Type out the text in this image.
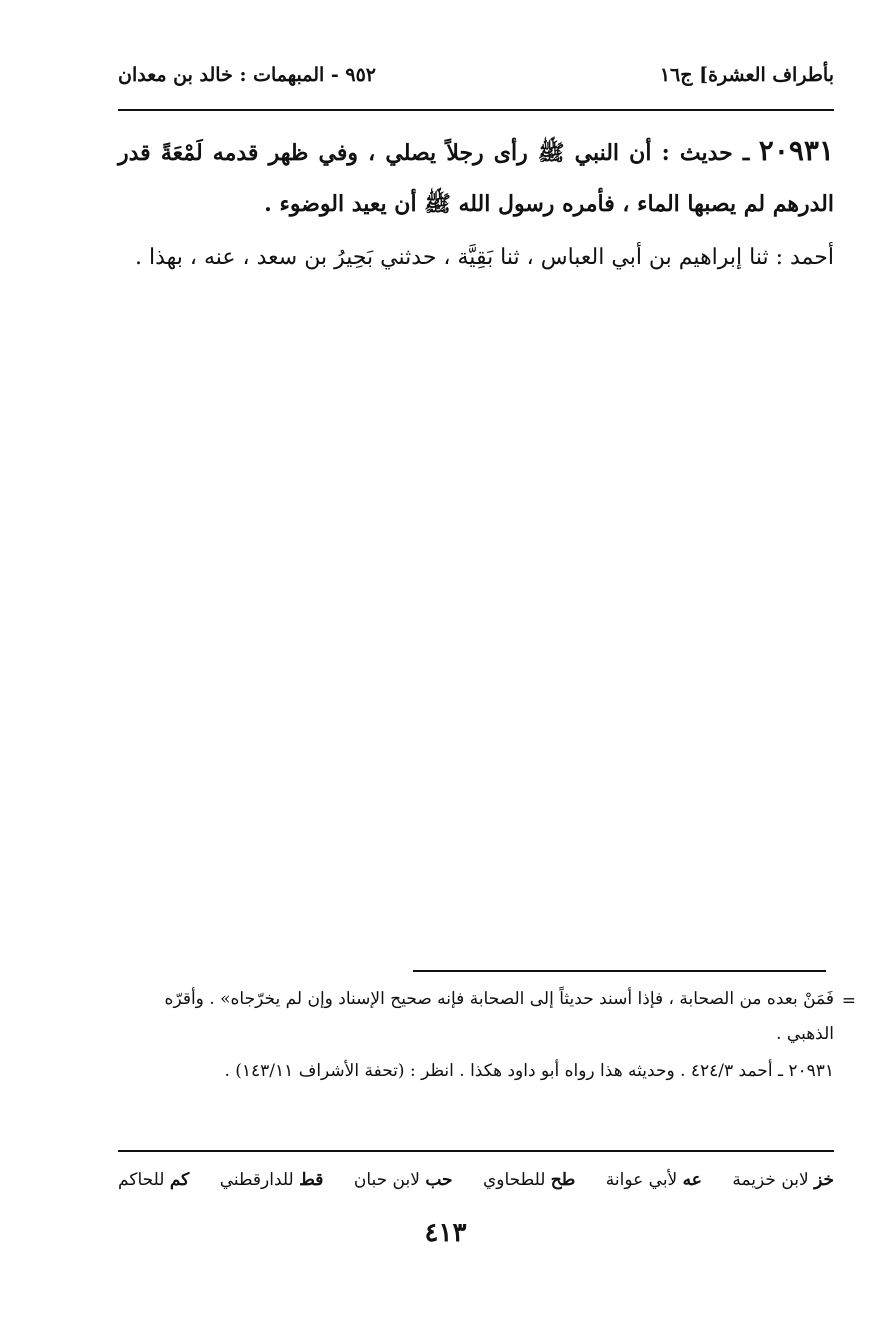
بأطراف العشرة] ج١٦
٩٥٢ - المبهمات : خالد بن معدان
٢٠٩٣١ ـ حديث : أن النبي ﷺ رأى رجلاً يصلي ، وفي ظهر قدمه لَمْعَةً قدر الدرهم لم يصبها الماء ، فأمره رسول الله ﷺ أن يعيد الوضوء .
أحمد : ثنا إبراهيم بن أبي العباس ، ثنا بَقِيَّة ، حدثني بَحِيرُ بن سعد ، عنه ، بهذا .
=

فَمَنْ بعده من الصحابة ، فإذا أسند حديثاً إلى الصحابة فإنه صحيح الإسناد وإن لم يخرّجاه» . وأقرّه الذهبي .

٢٠٩٣١ ـ أحمد ٤٢٤/٣ . وحديثه هذا رواه أبو داود هكذا . انظر : (تحفة الأشراف ١٤٣/١١) .

خز لابن خزيمة
عه لأبي عوانة
طح للطحاوي
حب لابن حبان
قط للدارقطني
كم للحاكم
٤١٣
